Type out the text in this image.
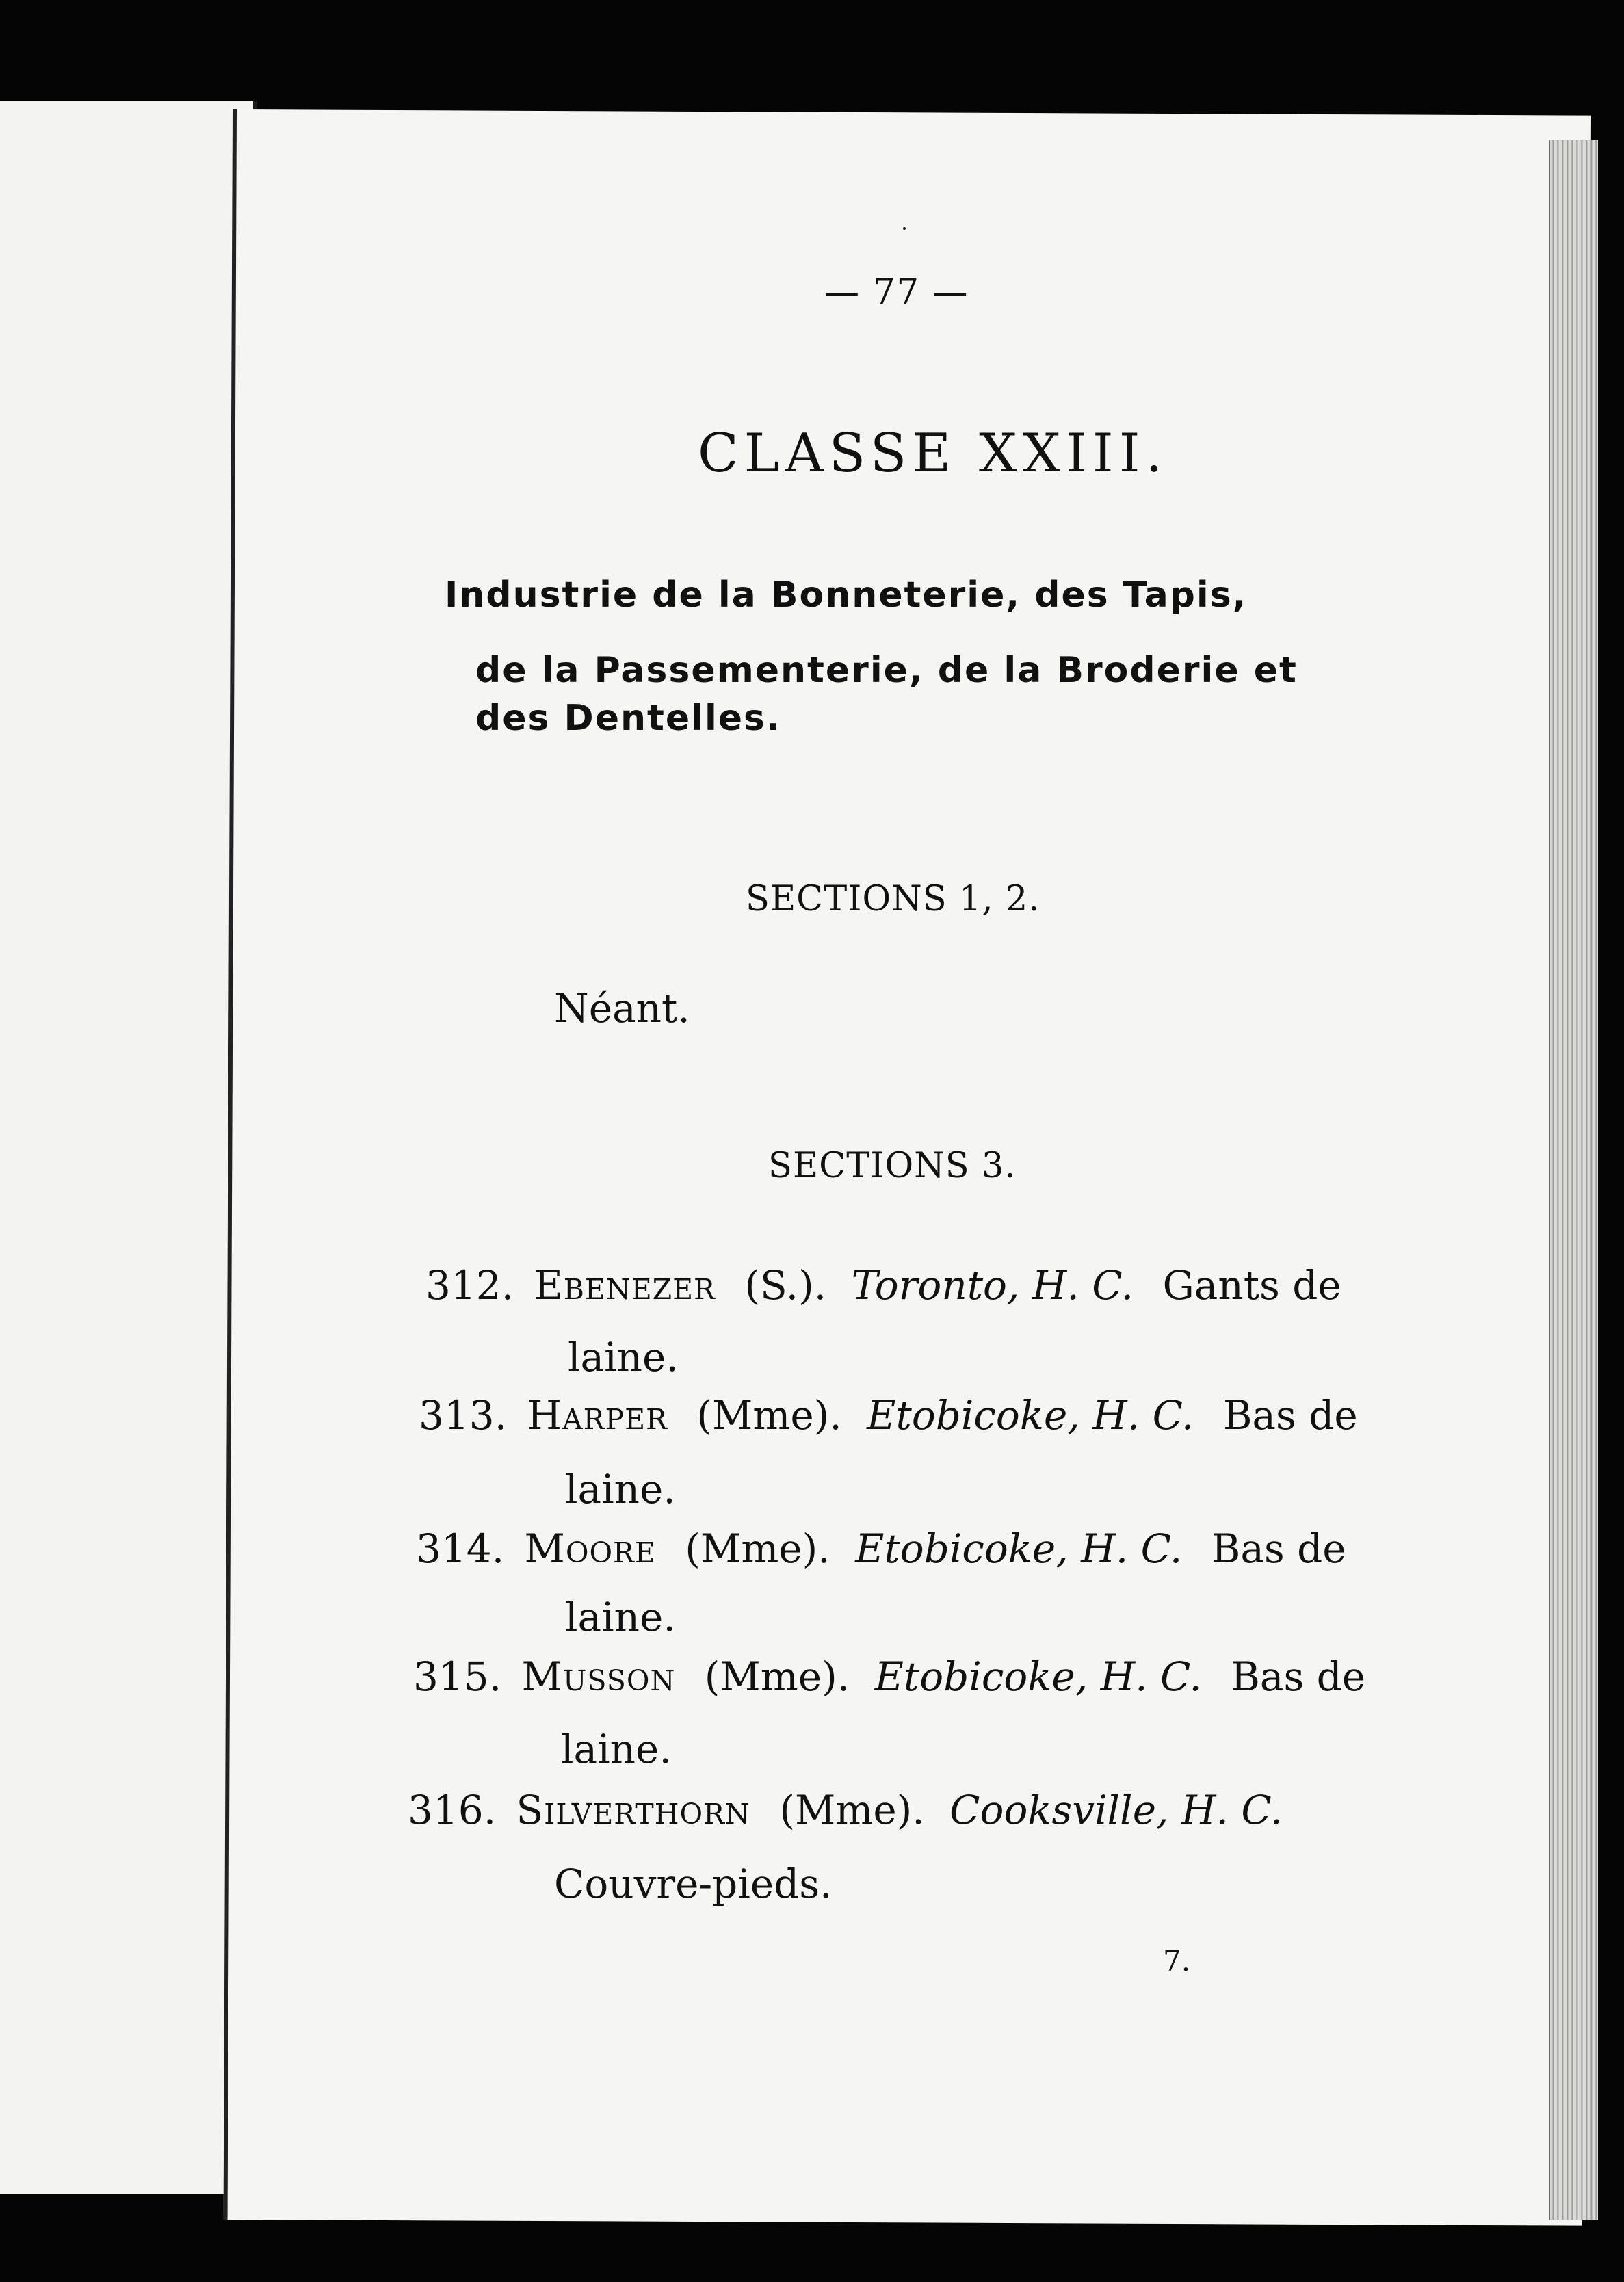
— 77 —
CLASSE XXIII.
Industrie de la Bonneterie, des Tapis,
de la Passementerie, de la Broderie et
des Dentelles.
SECTIONS 1, 2.
Néant.
SECTIONS 3.
312. Ebenezer (S.). Toronto, H. C. Gants de
laine.
313. Harper (Mme). Etobicoke, H. C. Bas de
laine.
314. Moore (Mme). Etobicoke, H. C. Bas de
laine.
315. Musson (Mme). Etobicoke, H. C. Bas de
laine.
316. Silverthorn (Mme). Cooksville, H. C.
Couvre-pieds.
7.
